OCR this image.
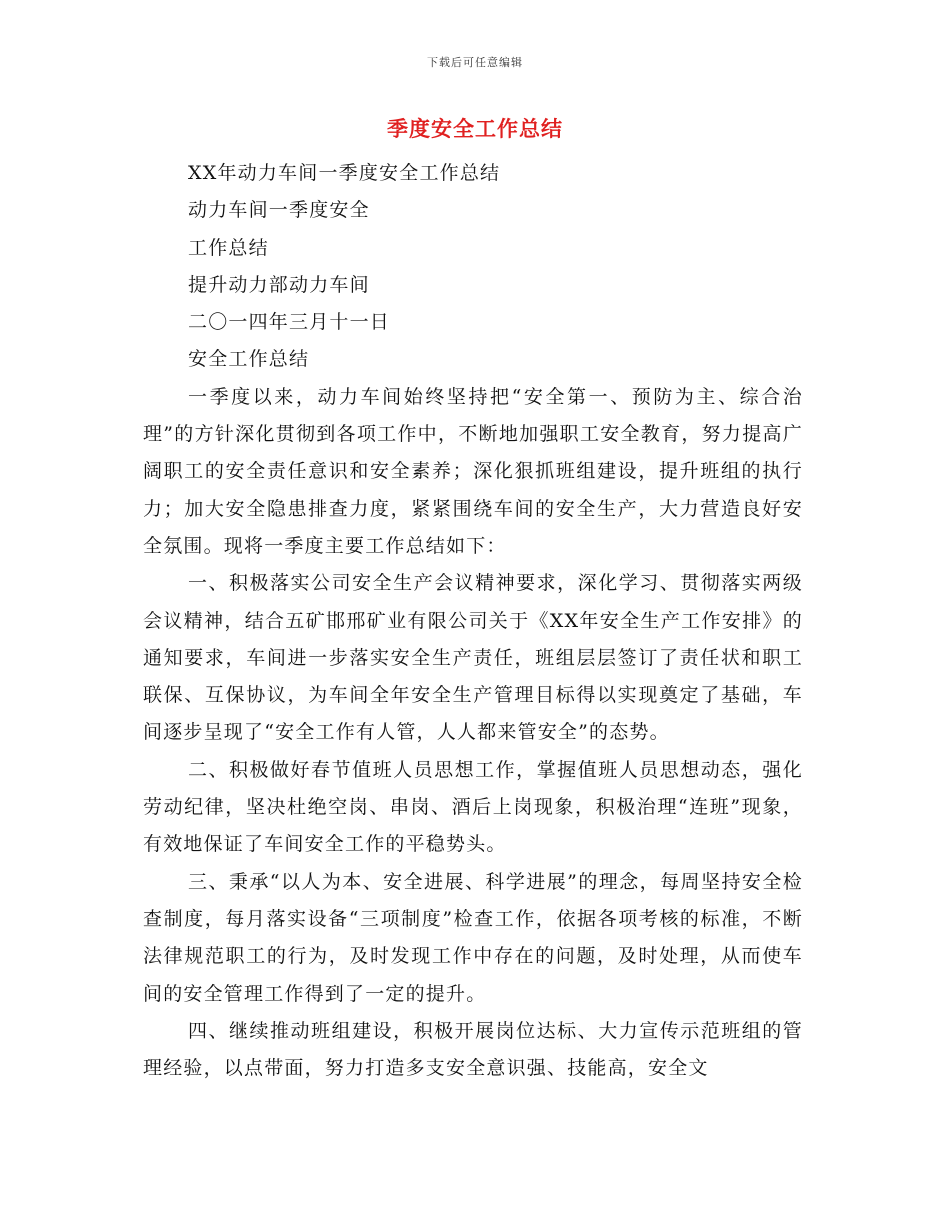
下载后可任意编辑
季度安全工作总结

XX年动力车间一季度安全工作总结

动力车间一季度安全

工作总结

提升动力部动力车间

二〇一四年三月十一日

安全工作总结

一季度以来，动力车间始终坚持把“安全第一、预防为主、综合治理”的方针深化贯彻到各项工作中，不断地加强职工安全教育，努力提高广阔职工的安全责任意识和安全素养；深化狠抓班组建设，提升班组的执行力；加大安全隐患排查力度，紧紧围绕车间的安全生产，大力营造良好安全氛围。现将一季度主要工作总结如下：

一、积极落实公司安全生产会议精神要求，深化学习、贯彻落实两级会议精神，结合五矿邯邢矿业有限公司关于《XX年安全生产工作安排》的通知要求，车间进一步落实安全生产责任，班组层层签订了责任状和职工联保、互保协议，为车间全年安全生产管理目标得以实现奠定了基础，车间逐步呈现了“安全工作有人管，人人都来管安全”的态势。

二、积极做好春节值班人员思想工作，掌握值班人员思想动态，强化劳动纪律，坚决杜绝空岗、串岗、酒后上岗现象，积极治理“连班”现象，有效地保证了车间安全工作的平稳势头。

三、秉承“以人为本、安全进展、科学进展”的理念，每周坚持安全检查制度，每月落实设备“三项制度”检查工作，依据各项考核的标准，不断法律规范职工的行为，及时发现工作中存在的问题，及时处理，从而使车间的安全管理工作得到了一定的提升。

四、继续推动班组建设，积极开展岗位达标、大力宣传示范班组的管理经验，以点带面，努力打造多支安全意识强、技能高，安全文
